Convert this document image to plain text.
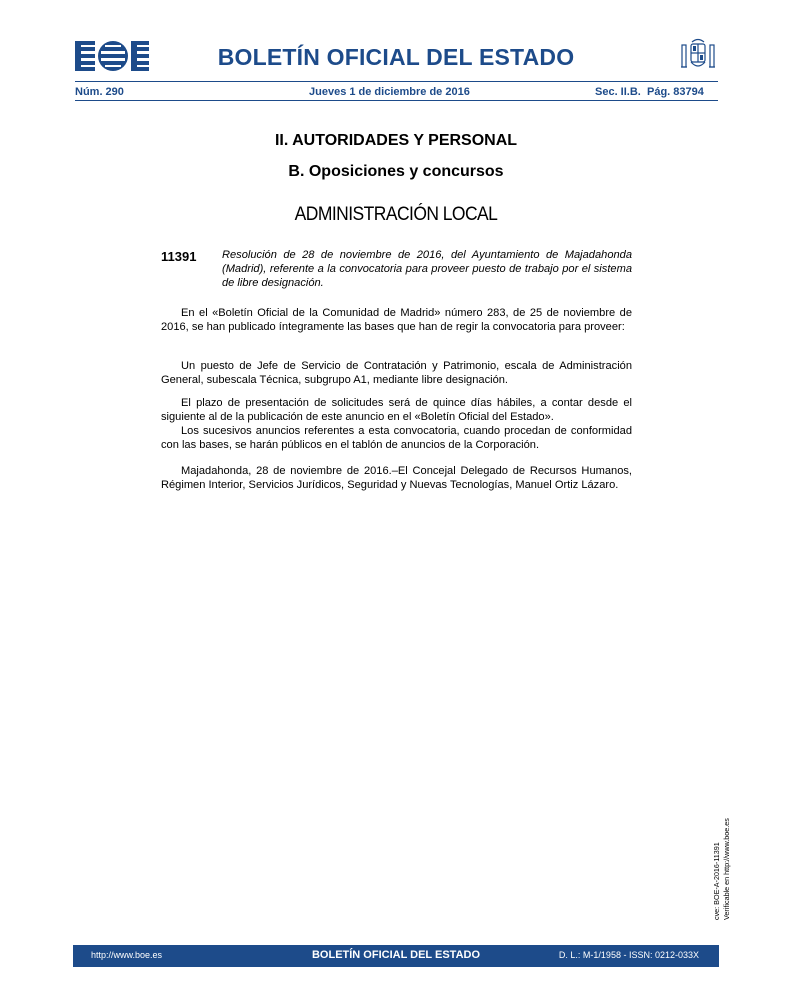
BOLETÍN OFICIAL DEL ESTADO
Núm. 290	Jueves 1 de diciembre de 2016	Sec. II.B. Pág. 83794
II. AUTORIDADES Y PERSONAL
B. Oposiciones y concursos
ADMINISTRACIÓN LOCAL
11391 Resolución de 28 de noviembre de 2016, del Ayuntamiento de Majadahonda (Madrid), referente a la convocatoria para proveer puesto de trabajo por el sistema de libre designación.

En el «Boletín Oficial de la Comunidad de Madrid» número 283, de 25 de noviembre de 2016, se han publicado íntegramente las bases que han de regir la convocatoria para proveer:

Un puesto de Jefe de Servicio de Contratación y Patrimonio, escala de Administración General, subescala Técnica, subgrupo A1, mediante libre designación.

El plazo de presentación de solicitudes será de quince días hábiles, a contar desde el siguiente al de la publicación de este anuncio en el «Boletín Oficial del Estado».

Los sucesivos anuncios referentes a esta convocatoria, cuando procedan de conformidad con las bases, se harán públicos en el tablón de anuncios de la Corporación.

Majadahonda, 28 de noviembre de 2016.–El Concejal Delegado de Recursos Humanos, Régimen Interior, Servicios Jurídicos, Seguridad y Nuevas Tecnologías, Manuel Ortiz Lázaro.

cve: BOE-A-2016-11391 Verificable en http://www.boe.es
http://www.boe.es	BOLETÍN OFICIAL DEL ESTADO	D. L.: M-1/1958 - ISSN: 0212-033X
